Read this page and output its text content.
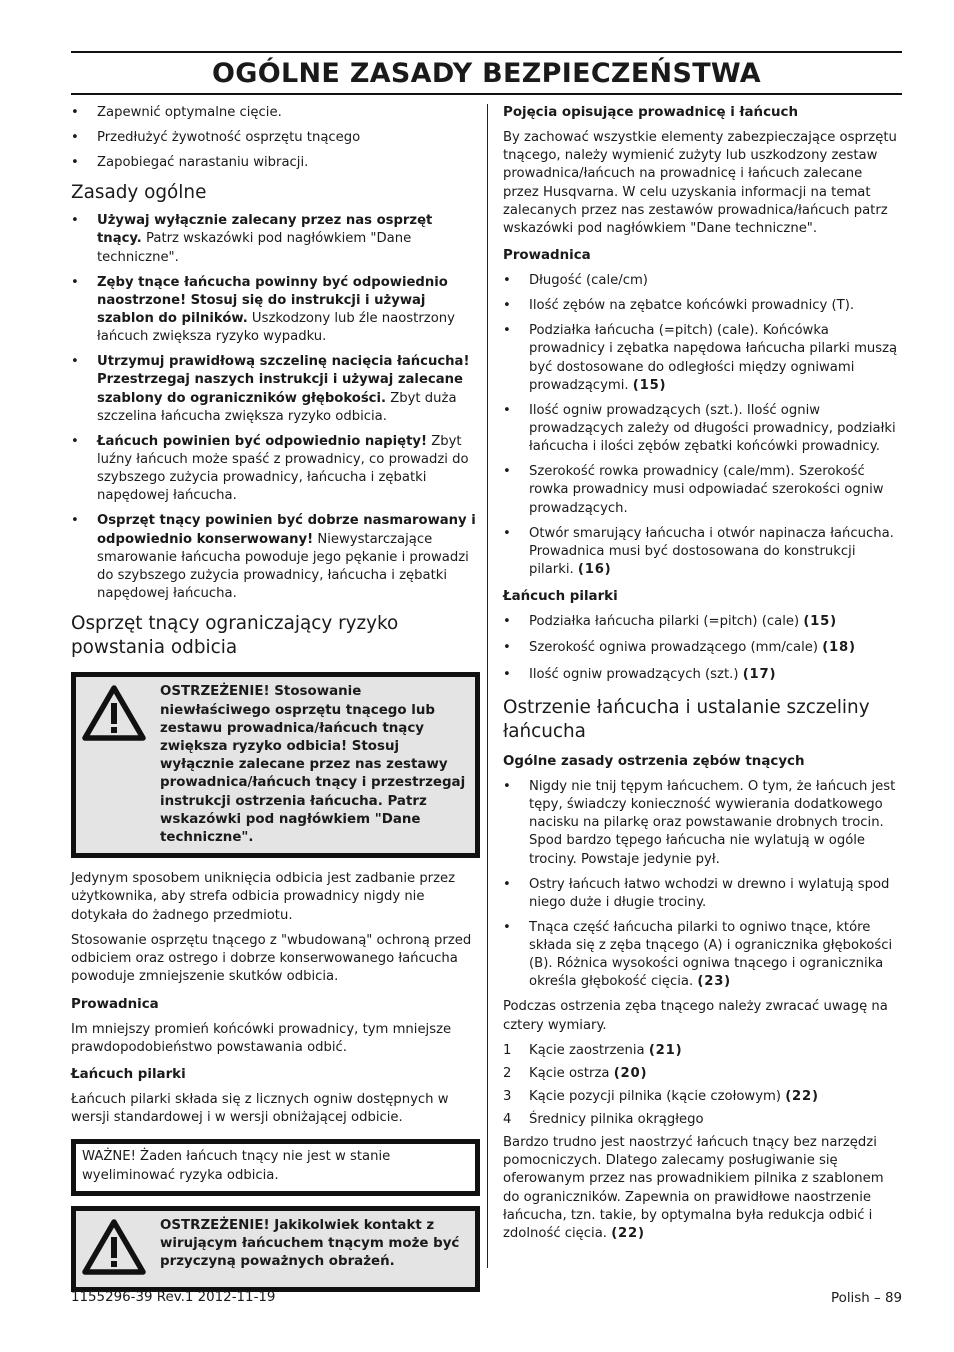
OGÓLNE ZASADY BEZPIECZEŃSTWA
• Zapewnić optymalne cięcie.
• Przedłużyć żywotność osprzętu tnącego
• Zapobiegać narastaniu wibracji.
Zasady ogólne
• Używaj wyłącznie zalecany przez nas osprzęt tnący. Patrz wskazówki pod nagłówkiem "Dane techniczne".
• Zęby tnące łańcucha powinny być odpowiednio naostrzone! Stosuj się do instrukcji i używaj szablon do pilników. Uszkodzony lub źle naostrzony łańcuch zwiększa ryzyko wypadku.
• Utrzymuj prawidłową szczelinę nacięcia łańcucha! Przestrzegaj naszych instrukcji i używaj zalecane szablony do ograniczników głębokości. Zbyt duża szczelina łańcucha zwiększa ryzyko odbicia.
• Łańcuch powinien być odpowiednio napięty! Zbyt luźny łańcuch może spaść z prowadnicy, co prowadzi do szybszego zużycia prowadnicy, łańcucha i zębatki napędowej łańcucha.
• Osprzęt tnący powinien być dobrze nasmarowany i odpowiednio konserwowany! Niewystarczające smarowanie łańcucha powoduje jego pękanie i prowadzi do szybszego zużycia prowadnicy, łańcucha i zębatki napędowej łańcucha.
Osprzęt tnący ograniczający ryzyko powstania odbicia
OSTRZEŻENIE! Stosowanie niewłaściwego osprzętu tnącego lub zestawu prowadnica/łańcuch tnący zwiększa ryzyko odbicia! Stosuj wyłącznie zalecane przez nas zestawy prowadnica/łańcuch tnący i przestrzegaj instrukcji ostrzenia łańcucha. Patrz wskazówki pod nagłówkiem "Dane techniczne".

Jedynym sposobem uniknięcia odbicia jest zadbanie przez użytkownika, aby strefa odbicia prowadnicy nigdy nie dotykała do żadnego przedmiotu.

Stosowanie osprzętu tnącego z "wbudowaną" ochroną przed odbiciem oraz ostrego i dobrze konserwowanego łańcucha powoduje zmniejszenie skutków odbicia.

Prowadnica

Im mniejszy promień końcówki prowadnicy, tym mniejsze prawdopodobieństwo powstawania odbić.

Łańcuch pilarki

Łańcuch pilarki składa się z licznych ogniw dostępnych w wersji standardowej i w wersji obniżającej odbicie.

WAŻNE! Żaden łańcuch tnący nie jest w stanie wyeliminować ryzyka odbicia.
OSTRZEŻENIE! Jakikolwiek kontakt z wirującym łańcuchem tnącym może być przyczyną poważnych obrażeń.
Pojęcia opisujące prowadnicę i łańcuch

By zachować wszystkie elementy zabezpieczające osprzętu tnącego, należy wymienić zużyty lub uszkodzony zestaw prowadnica/łańcuch na prowadnicę i łańcuch zalecane przez Husqvarna. W celu uzyskania informacji na temat zalecanych przez nas zestawów prowadnica/łańcuch patrz wskazówki pod nagłówkiem "Dane techniczne".

Prowadnica
• Długość (cale/cm)
• Ilość zębów na zębatce końcówki prowadnicy (T).
• Podziałka łańcucha (=pitch) (cale). Końcówka prowadnicy i zębatka napędowa łańcucha pilarki muszą być dostosowane do odległości między ogniwami prowadzącymi. (15)
• Ilość ogniw prowadzących (szt.). Ilość ogniw prowadzących zależy od długości prowadnicy, podziałki łańcucha i ilości zębów zębatki końcówki prowadnicy.
• Szerokość rowka prowadnicy (cale/mm). Szerokość rowka prowadnicy musi odpowiadać szerokości ogniw prowadzących.
• Otwór smarujący łańcucha i otwór napinacza łańcucha. Prowadnica musi być dostosowana do konstrukcji pilarki. (16)
Łańcuch pilarki
• Podziałka łańcucha pilarki (=pitch) (cale) (15)
• Szerokość ogniwa prowadzącego (mm/cale) (18)
• Ilość ogniw prowadzących (szt.) (17)
Ostrzenie łańcucha i ustalanie szczeliny łańcucha
Ogólne zasady ostrzenia zębów tnących
• Nigdy nie tnij tępym łańcuchem. O tym, że łańcuch jest tępy, świadczy konieczność wywierania dodatkowego nacisku na pilarkę oraz powstawanie drobnych trocin. Spod bardzo tępego łańcucha nie wylatują w ogóle trociny. Powstaje jedynie pył.
• Ostry łańcuch łatwo wchodzi w drewno i wylatują spod niego duże i długie trociny.
• Tnąca część łańcucha pilarki to ogniwo tnące, które składa się z zęba tnącego (A) i ogranicznika głębokości (B). Różnica wysokości ogniwa tnącego i ogranicznika określa głębokość cięcia. (23)

Podczas ostrzenia zęba tnącego należy zwracać uwagę na cztery wymiary.

1 Kącie zaostrzenia (21)
2 Kącie ostrza (20)
3 Kącie pozycji pilnika (kącie czołowym) (22)
4 Średnicy pilnika okrągłego

Bardzo trudno jest naostrzyć łańcuch tnący bez narzędzi pomocniczych. Dlatego zalecamy posługiwanie się oferowanym przez nas prowadnikiem pilnika z szablonem do ograniczników. Zapewnia on prawidłowe naostrzenie łańcucha, tzn. takie, by optymalna była redukcja odbić i zdolność cięcia. (22)

1155296-39 Rev.1 2012-11-19	Polish – 89
